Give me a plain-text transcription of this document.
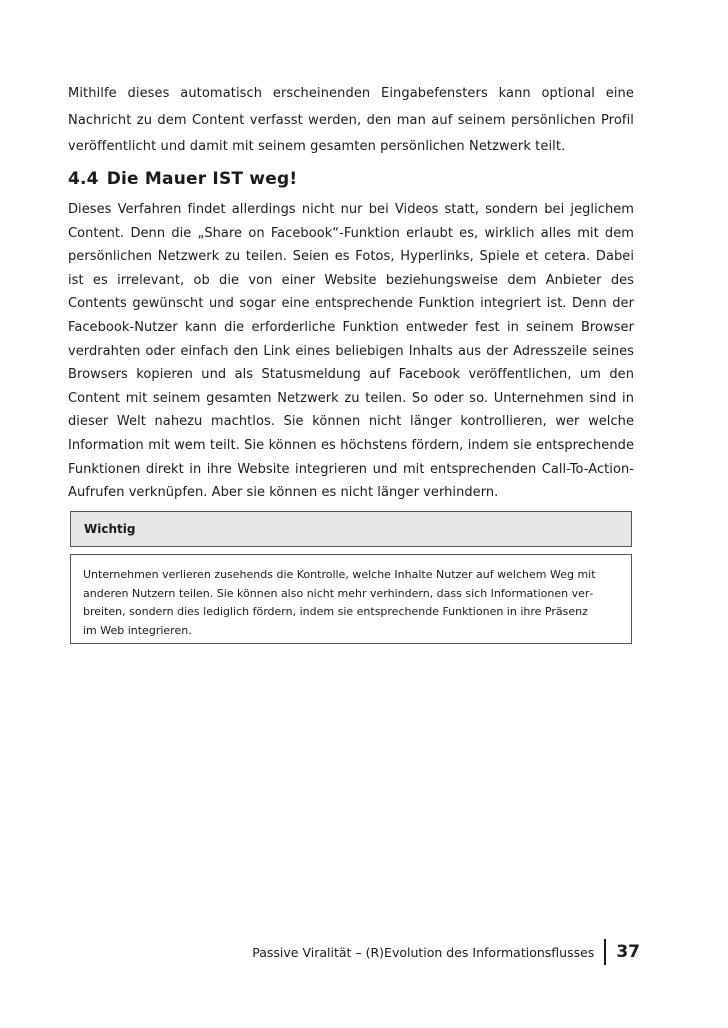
Mithilfe dieses automatisch erscheinenden Eingabefensters kann optional eine Nachricht zu dem Content verfasst werden, den man auf seinem persönlichen Profil veröffentlicht und damit mit seinem gesamten persönlichen Netzwerk teilt.

4.4 Die Mauer IST weg!

Dieses Verfahren findet allerdings nicht nur bei Videos statt, sondern bei jeglichem Content. Denn die „Share on Facebook“-Funktion erlaubt es, wirklich alles mit dem persönlichen Netzwerk zu teilen. Seien es Fotos, Hyperlinks, Spiele et cetera. Dabei ist es irrelevant, ob die von einer Website beziehungsweise dem Anbieter des Contents gewünscht und sogar eine entsprechende Funktion integriert ist. Denn der Facebook-Nutzer kann die erforderliche Funktion entweder fest in seinem Browser verdrahten oder einfach den Link eines beliebigen Inhalts aus der Adresszeile seines Browsers kopieren und als Statusmeldung auf Facebook veröffentlichen, um den Content mit seinem gesamten Netzwerk zu teilen. So oder so. Unternehmen sind in dieser Welt nahezu machtlos. Sie können nicht länger kontrollieren, wer welche Information mit wem teilt. Sie können es höchstens fördern, indem sie entsprechende Funktionen direkt in ihre Website integrieren und mit entsprechenden Call-To-Action-Aufrufen verknüpfen. Aber sie können es nicht länger verhindern.

Wichtig

Unternehmen verlieren zusehends die Kontrolle, welche Inhalte Nutzer auf welchem Weg mit anderen Nutzern teilen. Sie können also nicht mehr verhindern, dass sich Informationen verbreiten, sondern dies lediglich fördern, indem sie entsprechende Funktionen in ihre Präsenz im Web integrieren.

Passive Viralität – (R)Evolution des Informationsflusses 37
